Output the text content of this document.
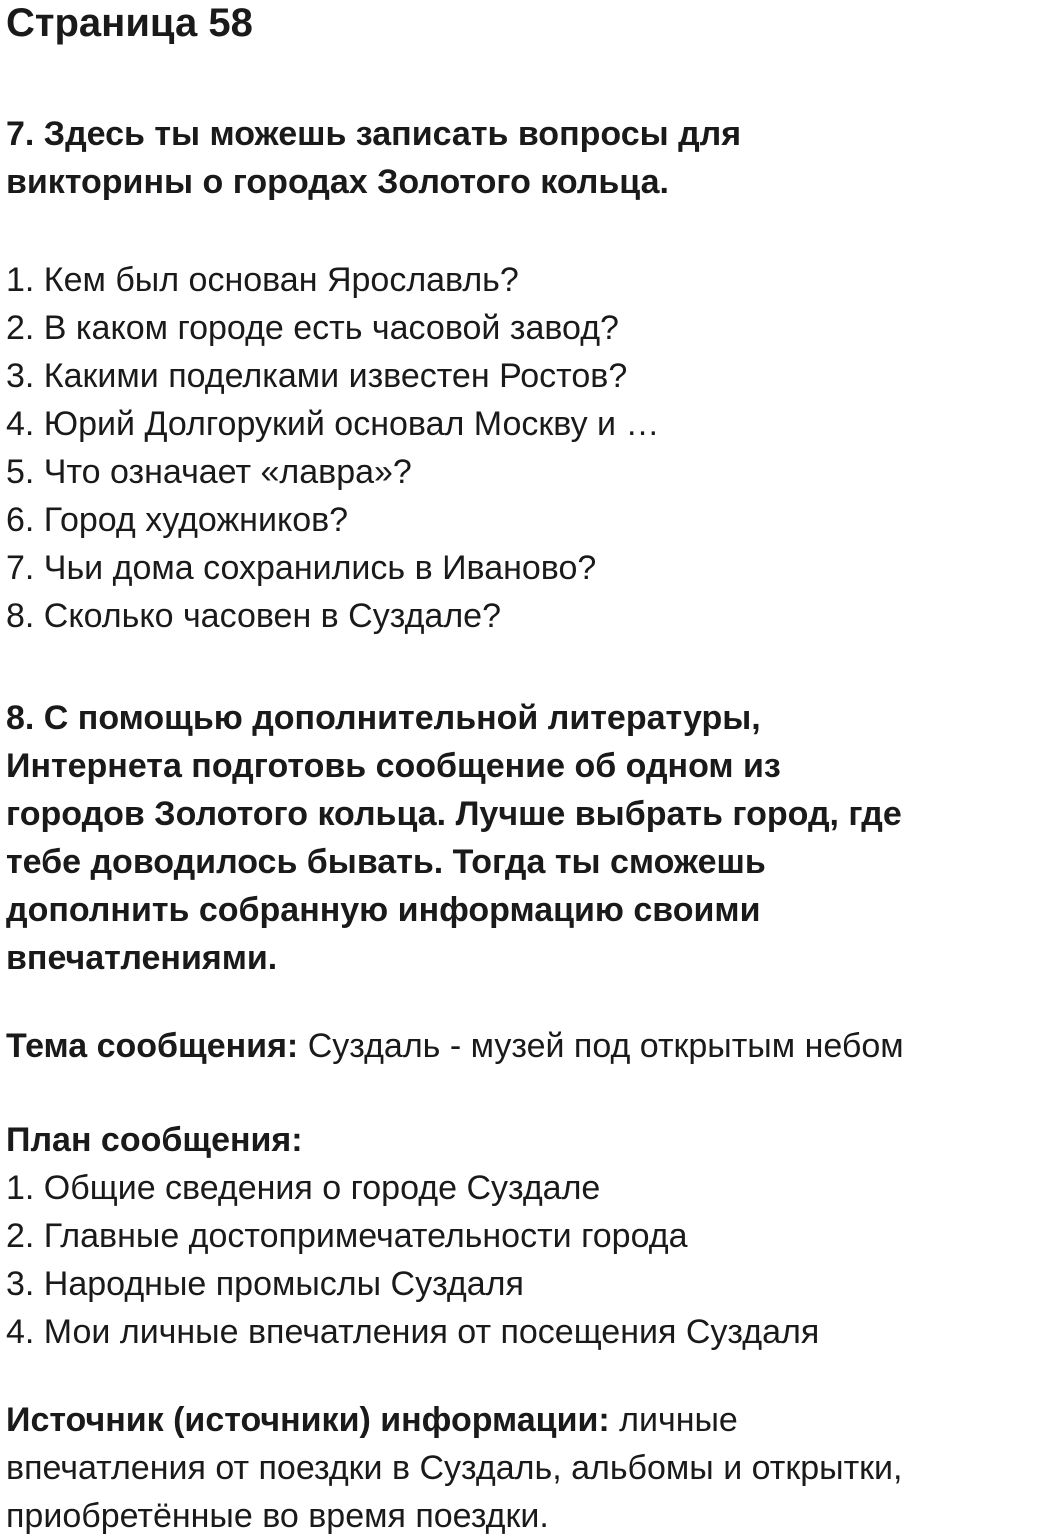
Страница 58
7. Здесь ты можешь записать вопросы для
викторины о городах Золотого кольца.
1. Кем был основан Ярославль?
2. В каком городе есть часовой завод?
3. Какими поделками известен Ростов?
4. Юрий Долгорукий основал Москву и …
5. Что означает «лавра»?
6. Город художников?
7. Чьи дома сохранились в Иваново?
8. Сколько часовен в Суздале?
8. С помощью дополнительной литературы,
Интернета подготовь сообщение об одном из
городов Золотого кольца. Лучше выбрать город, где
тебе доводилось бывать. Тогда ты сможешь
дополнить собранную информацию своими
впечатлениями.
Тема сообщения: Суздаль - музей под открытым небом
План сообщения:
1. Общие сведения о городе Суздале
2. Главные достопримечательности города
3. Народные промыслы Суздаля
4. Мои личные впечатления от посещения Суздаля
Источник (источники) информации: личные
впечатления от поездки в Суздаль, альбомы и открытки,
приобретённые во время поездки.
